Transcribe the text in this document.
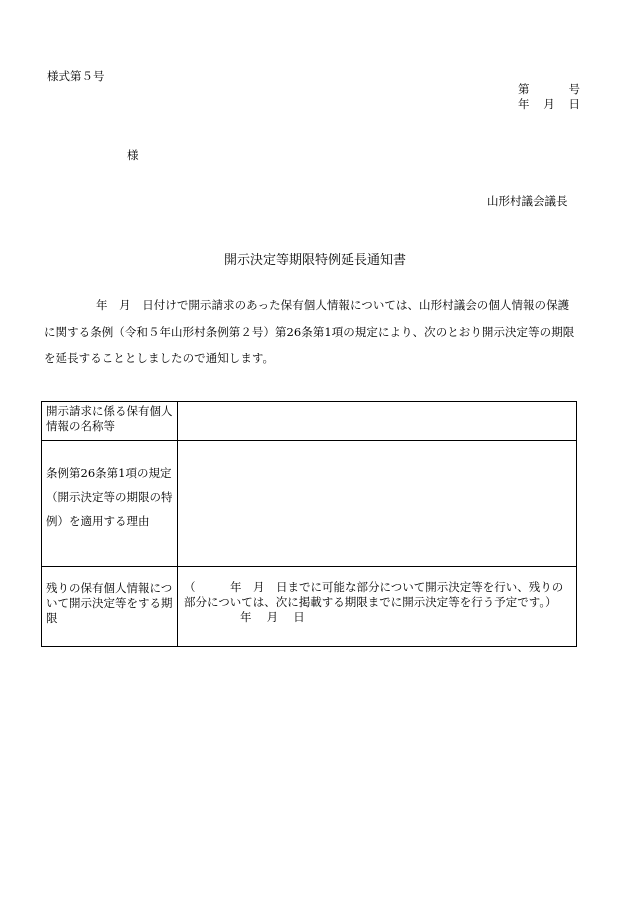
様式第５号
第	号
年 月 日
様
山形村議会議長
開示決定等期限特例延長通知書
年　月　日付けで開示請求のあった保有個人情報については、山形村議会の個人情報の保護に関する条例（令和５年山形村条例第２号）第26条第1項の規定により、次のとおり開示決定等の期限を延長することとしましたので通知します。
開示請求に係る保有個人情報の名称等	
条例第26条第1項の規定（開示決定等の期限の特例）を適用する理由	
残りの保有個人情報について開示決定等をする期限	（　　　年　月　日までに可能な部分について開示決定等を行い、残りの部分については、次に掲載する期限までに開示決定等を行う予定です。）
年　 月　 日
